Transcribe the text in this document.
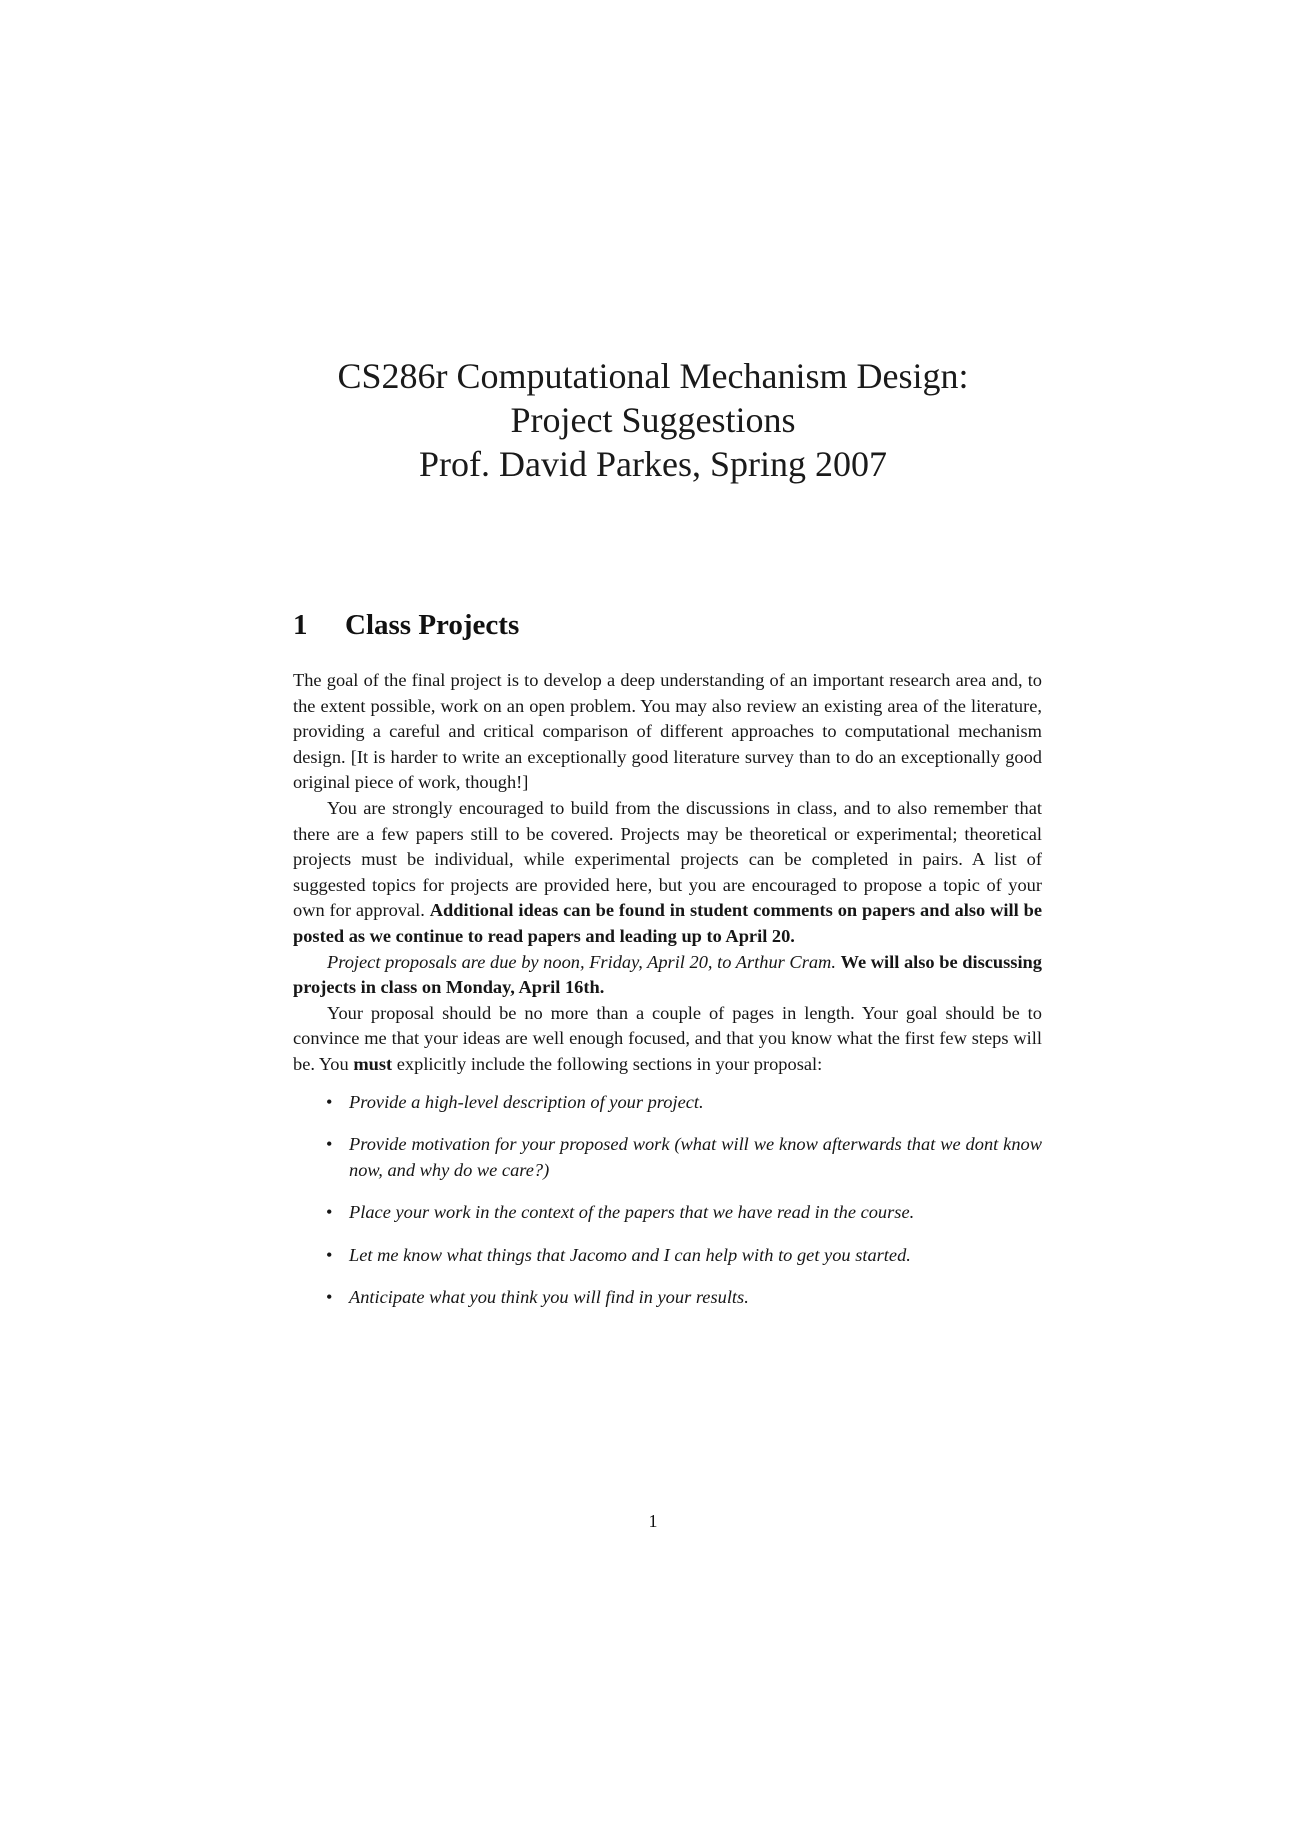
CS286r Computational Mechanism Design:
Project Suggestions
Prof. David Parkes, Spring 2007
1 Class Projects

The goal of the final project is to develop a deep understanding of an important research area and, to the extent possible, work on an open problem. You may also review an existing area of the literature, providing a careful and critical comparison of different approaches to computational mechanism design. [It is harder to write an exceptionally good literature survey than to do an exceptionally good original piece of work, though!]

You are strongly encouraged to build from the discussions in class, and to also remember that there are a few papers still to be covered. Projects may be theoretical or experimental; theoretical projects must be individual, while experimental projects can be completed in pairs. A list of suggested topics for projects are provided here, but you are encouraged to propose a topic of your own for approval. Additional ideas can be found in student comments on papers and also will be posted as we continue to read papers and leading up to April 20.

Project proposals are due by noon, Friday, April 20, to Arthur Cram. We will also be discussing projects in class on Monday, April 16th.

Your proposal should be no more than a couple of pages in length. Your goal should be to convince me that your ideas are well enough focused, and that you know what the first few steps will be. You must explicitly include the following sections in your proposal:

• Provide a high-level description of your project.
• Provide motivation for your proposed work (what will we know afterwards that we dont know now, and why do we care?)
• Place your work in the context of the papers that we have read in the course.
• Let me know what things that Jacomo and I can help with to get you started.
• Anticipate what you think you will find in your results.
1
